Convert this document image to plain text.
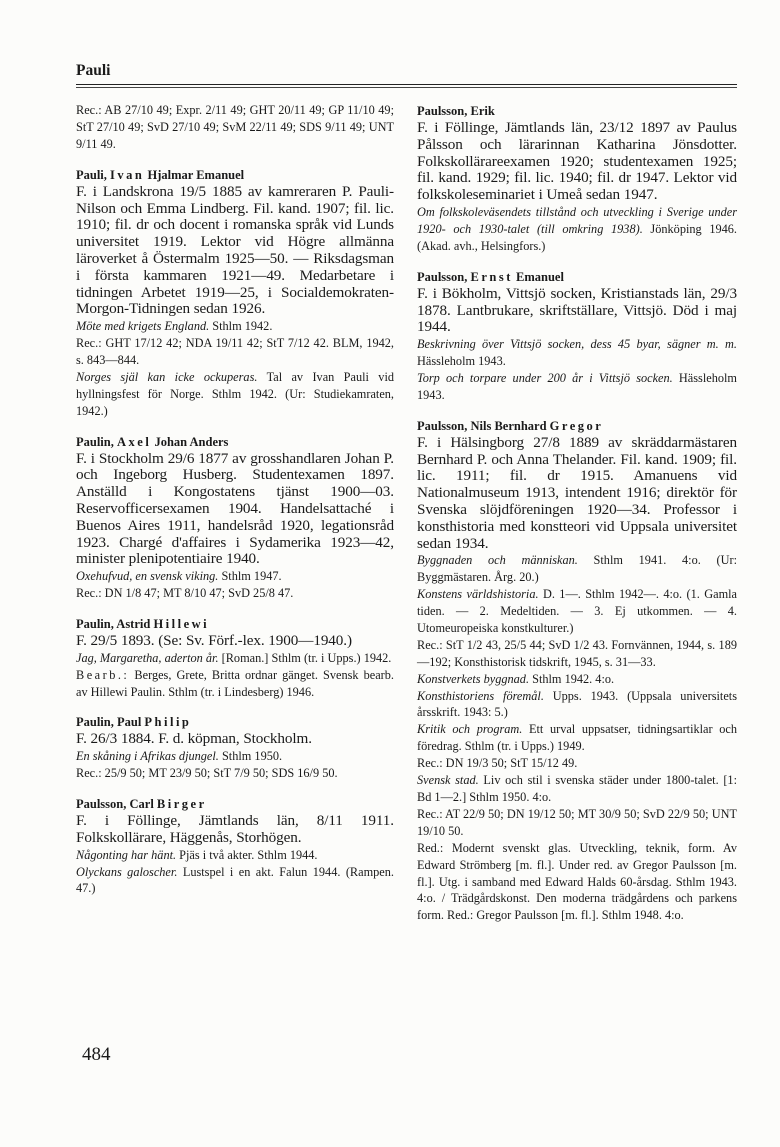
Pauli

Rec.: AB 27/10 49; Expr. 2/11 49; GHT 20/11 49; GP 11/10 49; StT 27/10 49; SvD 27/10 49; SvM 22/11 49; SDS 9/11 49; UNT 9/11 49.

Pauli, Ivan Hjalmar Emanuel

F. i Landskrona 19/5 1885 av kamreraren P. Pauli-Nilson och Emma Lindberg. Fil. kand. 1907; fil. lic. 1910; fil. dr och docent i romanska språk vid Lunds universitet 1919. Lektor vid Högre allmänna läroverket å Östermalm 1925—50. — Riksdagsman i första kammaren 1921—49. Medarbetare i tidningen Arbetet 1919—25, i Socialdemokraten-Morgon-Tidningen sedan 1926.

Möte med krigets England. Sthlm 1942.

Rec.: GHT 17/12 42; NDA 19/11 42; StT 7/12 42. BLM, 1942, s. 843—844.

Norges själ kan icke ockuperas. Tal av Ivan Pauli vid hyllningsfest för Norge. Sthlm 1942. (Ur: Studiekamraten, 1942.)

Paulin, Axel Johan Anders

F. i Stockholm 29/6 1877 av grosshandlaren Johan P. och Ingeborg Husberg. Studentexamen 1897. Anställd i Kongostatens tjänst 1900—03. Reservofficersexamen 1904. Handelsattaché i Buenos Aires 1911, handelsråd 1920, legationsråd 1923. Chargé d'affaires i Sydamerika 1923—42, minister plenipotentiaire 1940.

Oxehufvud, en svensk viking. Sthlm 1947.

Rec.: DN 1/8 47; MT 8/10 47; SvD 25/8 47.

Paulin, Astrid Hillewi

F. 29/5 1893. (Se: Sv. Förf.-lex. 1900—1940.)

Jag, Margaretha, aderton år. [Roman.] Sthlm (tr. i Upps.) 1942.

Bearb.: Berges, Grete, Britta ordnar gänget. Svensk bearb. av Hillewi Paulin. Sthlm (tr. i Lindesberg) 1946.

Paulin, Paul Philip

F. 26/3 1884. F. d. köpman, Stockholm.

En skåning i Afrikas djungel. Sthlm 1950.

Rec.: 25/9 50; MT 23/9 50; StT 7/9 50; SDS 16/9 50.

Paulsson, Carl Birger

F. i Föllinge, Jämtlands län, 8/11 1911. Folkskollärare, Häggenås, Storhögen.

Någonting har hänt. Pjäs i två akter. Sthlm 1944.

Olyckans galoscher. Lustspel i en akt. Falun 1944. (Rampen. 47.)

Paulsson, Erik

F. i Föllinge, Jämtlands län, 23/12 1897 av Paulus Pålsson och lärarinnan Katharina Jönsdotter. Folkskollärareexamen 1920; studentexamen 1925; fil. kand. 1929; fil. lic. 1940; fil. dr 1947. Lektor vid folkskoleseminariet i Umeå sedan 1947.

Om folkskoleväsendets tillstånd och utveckling i Sverige under 1920- och 1930-talet (till omkring 1938). Jönköping 1946. (Akad. avh., Helsingfors.)

Paulsson, Ernst Emanuel

F. i Bökholm, Vittsjö socken, Kristianstads län, 29/3 1878. Lantbrukare, skriftställare, Vittsjö. Död i maj 1944.

Beskrivning över Vittsjö socken, dess 45 byar, sägner m. m. Hässleholm 1943.

Torp och torpare under 200 år i Vittsjö socken. Hässleholm 1943.

Paulsson, Nils Bernhard Gregor

F. i Hälsingborg 27/8 1889 av skräddarmästaren Bernhard P. och Anna Thelander. Fil. kand. 1909; fil. lic. 1911; fil. dr 1915. Amanuens vid Nationalmuseum 1913, intendent 1916; direktör för Svenska slöjdföreningen 1920—34. Professor i konsthistoria med konstteori vid Uppsala universitet sedan 1934.

Byggnaden och människan. Sthlm 1941. 4:o. (Ur: Byggmästaren. Årg. 20.)

Konstens världshistoria. D. 1—. Sthlm 1942—. 4:o. (1. Gamla tiden. — 2. Medeltiden. — 3. Ej utkommen. — 4. Utomeuropeiska konstkulturer.)

Rec.: StT 1/2 43, 25/5 44; SvD 1/2 43. Fornvännen, 1944, s. 189—192; Konsthistorisk tidskrift, 1945, s. 31—33.

Konstverkets byggnad. Sthlm 1942. 4:o.

Konsthistoriens föremål. Upps. 1943. (Uppsala universitets årsskrift. 1943: 5.)

Kritik och program. Ett urval uppsatser, tidningsartiklar och föredrag. Sthlm (tr. i Upps.) 1949.

Rec.: DN 19/3 50; StT 15/12 49.

Svensk stad. Liv och stil i svenska städer under 1800-talet. [1: Bd 1—2.] Sthlm 1950. 4:o.

Rec.: AT 22/9 50; DN 19/12 50; MT 30/9 50; SvD 22/9 50; UNT 19/10 50.

Red.: Modernt svenskt glas. Utveckling, teknik, form. Av Edward Strömberg [m. fl.]. Under red. av Gregor Paulsson [m. fl.]. Utg. i samband med Edward Halds 60-årsdag. Sthlm 1943. 4:o. / Trädgårdskonst. Den moderna trädgårdens och parkens form. Red.: Gregor Paulsson [m. fl.]. Sthlm 1948. 4:o.

484
